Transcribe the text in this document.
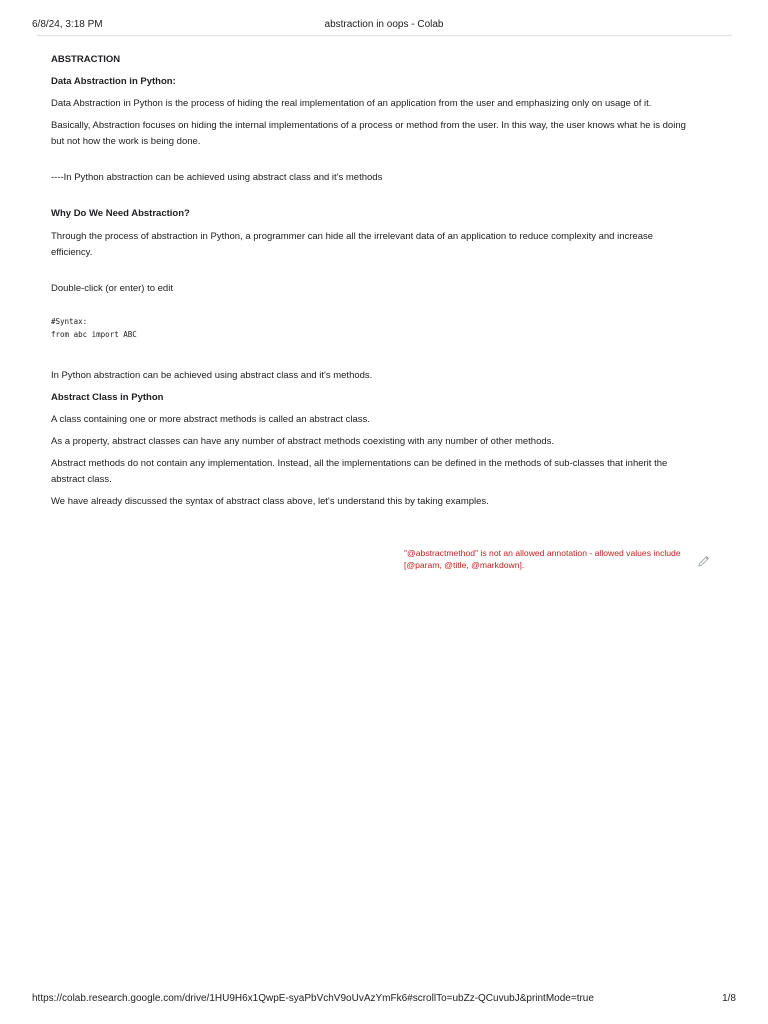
6/8/24, 3:18 PM	abstraction in oops - Colab

ABSTRACTION

Data Abstraction in Python:

Data Abstraction in Python is the process of hiding the real implementation of an application from the user and emphasizing only on usage of it.

Basically, Abstraction focuses on hiding the internal implementations of a process or method from the user. In this way, the user knows what he is doing but not how the work is being done.

----In Python abstraction can be achieved using abstract class and it's methods

Why Do We Need Abstraction?

Through the process of abstraction in Python, a programmer can hide all the irrelevant data of an application to reduce complexity and increase efficiency.

Double-click (or enter) to edit

#Syntax:
from abc import ABC

In Python abstraction can be achieved using abstract class and it's methods.

Abstract Class in Python

A class containing one or more abstract methods is called an abstract class.

As a property, abstract classes can have any number of abstract methods coexisting with any number of other methods.

Abstract methods do not contain any implementation. Instead, all the implementations can be defined in the methods of sub-classes that inherit the abstract class.

We have already discussed the syntax of abstract class above, let's understand this by taking examples.

"@abstractmethod" is not an allowed annotation - allowed values include [@param, @title, @markdown].
https://colab.research.google.com/drive/1HU9H6x1QwpE-syaPbVchV9oUvAzYmFk6#scrollTo=ubZz-QCuvubJ&printMode=true	1/8
